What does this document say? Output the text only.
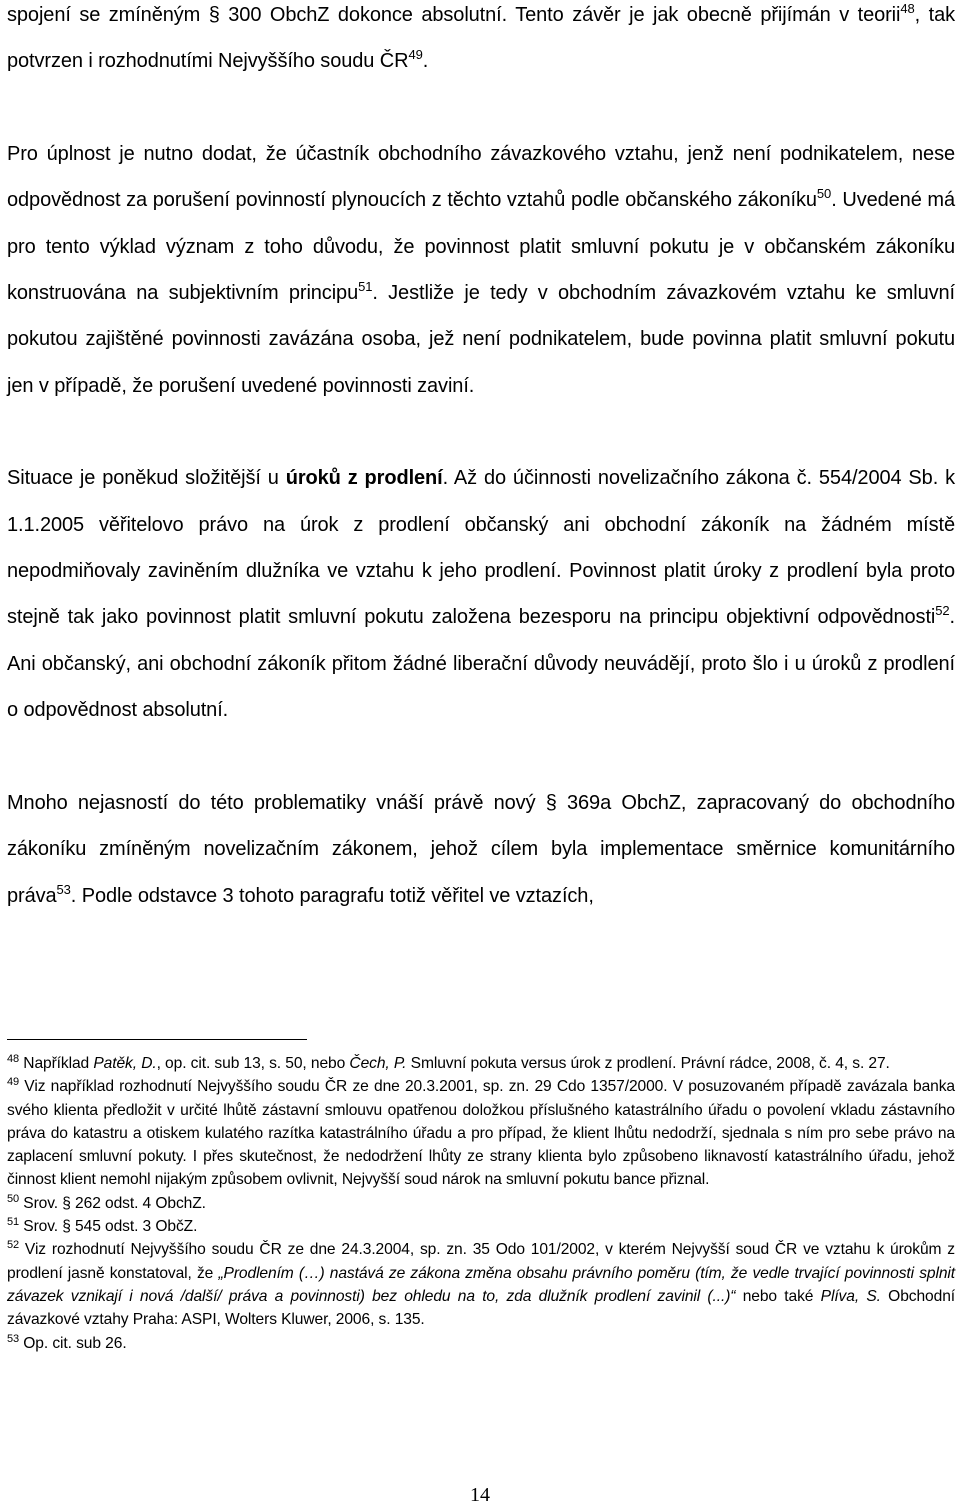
spojení se zmíněným § 300 ObchZ dokonce absolutní. Tento závěr je jak obecně přijímán v teorii$^{48}$, tak potvrzen i rozhodnutími Nejvyššího soudu ČR$^{49}$.

Pro úplnost je nutno dodat, že účastník obchodního závazkového vztahu, jenž není podnikatelem, nese odpovědnost za porušení povinností plynoucích z těchto vztahů podle občanského zákoníku$^{50}$. Uvedené má pro tento výklad význam z toho důvodu, že povinnost platit smluvní pokutu je v občanském zákoníku konstruována na subjektivním principu$^{51}$. Jestliže je tedy v obchodním závazkovém vztahu ke smluvní pokutou zajištěné povinnosti zavázána osoba, jež není podnikatelem, bude povinna platit smluvní pokutu jen v případě, že porušení uvedené povinnosti zaviní.

Situace je poněkud složitější u úroků z prodlení. Až do účinnosti novelizačního zákona č. 554/2004 Sb. k 1.1.2005 věřitelovo právo na úrok z prodlení občanský ani obchodní zákoník na žádném místě nepodmiňovaly zaviněním dlužníka ve vztahu k jeho prodlení. Povinnost platit úroky z prodlení byla proto stejně tak jako povinnost platit smluvní pokutu založena bezesporu na principu objektivní odpovědnosti$^{52}$. Ani občanský, ani obchodní zákoník přitom žádné liberační důvody neuvádějí, proto šlo i u úroků z prodlení o odpovědnost absolutní.

Mnoho nejasností do této problematiky vnáší právě nový § 369a ObchZ, zapracovaný do obchodního zákoníku zmíněným novelizačním zákonem, jehož cílem byla implementace směrnice komunitárního práva$^{53}$. Podle odstavce 3 tohoto paragrafu totiž věřitel ve vztazích,

$^{48}$ Například Patěk, D., op. cit. sub 13, s. 50, nebo Čech, P. Smluvní pokuta versus úrok z prodlení. Právní rádce, 2008, č. 4, s. 27.

$^{49}$ Viz například rozhodnutí Nejvyššího soudu ČR ze dne 20.3.2001, sp. zn. 29 Cdo 1357/2000. V posuzovaném případě zavázala banka svého klienta předložit v určité lhůtě zástavní smlouvu opatřenou doložkou příslušného katastrálního úřadu o povolení vkladu zástavního práva do katastru a otiskem kulatého razítka katastrálního úřadu a pro případ, že klient lhůtu nedodrží, sjednala s ním pro sebe právo na zaplacení smluvní pokuty. I přes skutečnost, že nedodržení lhůty ze strany klienta bylo způsobeno liknavostí katastrálního úřadu, jehož činnost klient nemohl nijakým způsobem ovlivnit, Nejvyšší soud nárok na smluvní pokutu bance přiznal.

$^{50}$ Srov. § 262 odst. 4 ObchZ.

$^{51}$ Srov. § 545 odst. 3 ObčZ.

$^{52}$ Viz rozhodnutí Nejvyššího soudu ČR ze dne 24.3.2004, sp. zn. 35 Odo 101/2002, v kterém Nejvyšší soud ČR ve vztahu k úrokům z prodlení jasně konstatoval, že „Prodlením (…) nastává ze zákona změna obsahu právního poměru (tím, že vedle trvající povinnosti splnit závazek vznikají i nová /další/ práva a povinnosti) bez ohledu na to, zda dlužník prodlení zavinil (...)“ nebo také Plíva, S. Obchodní závazkové vztahy Praha: ASPI, Wolters Kluwer, 2006, s. 135.

$^{53}$ Op. cit. sub 26.

14
